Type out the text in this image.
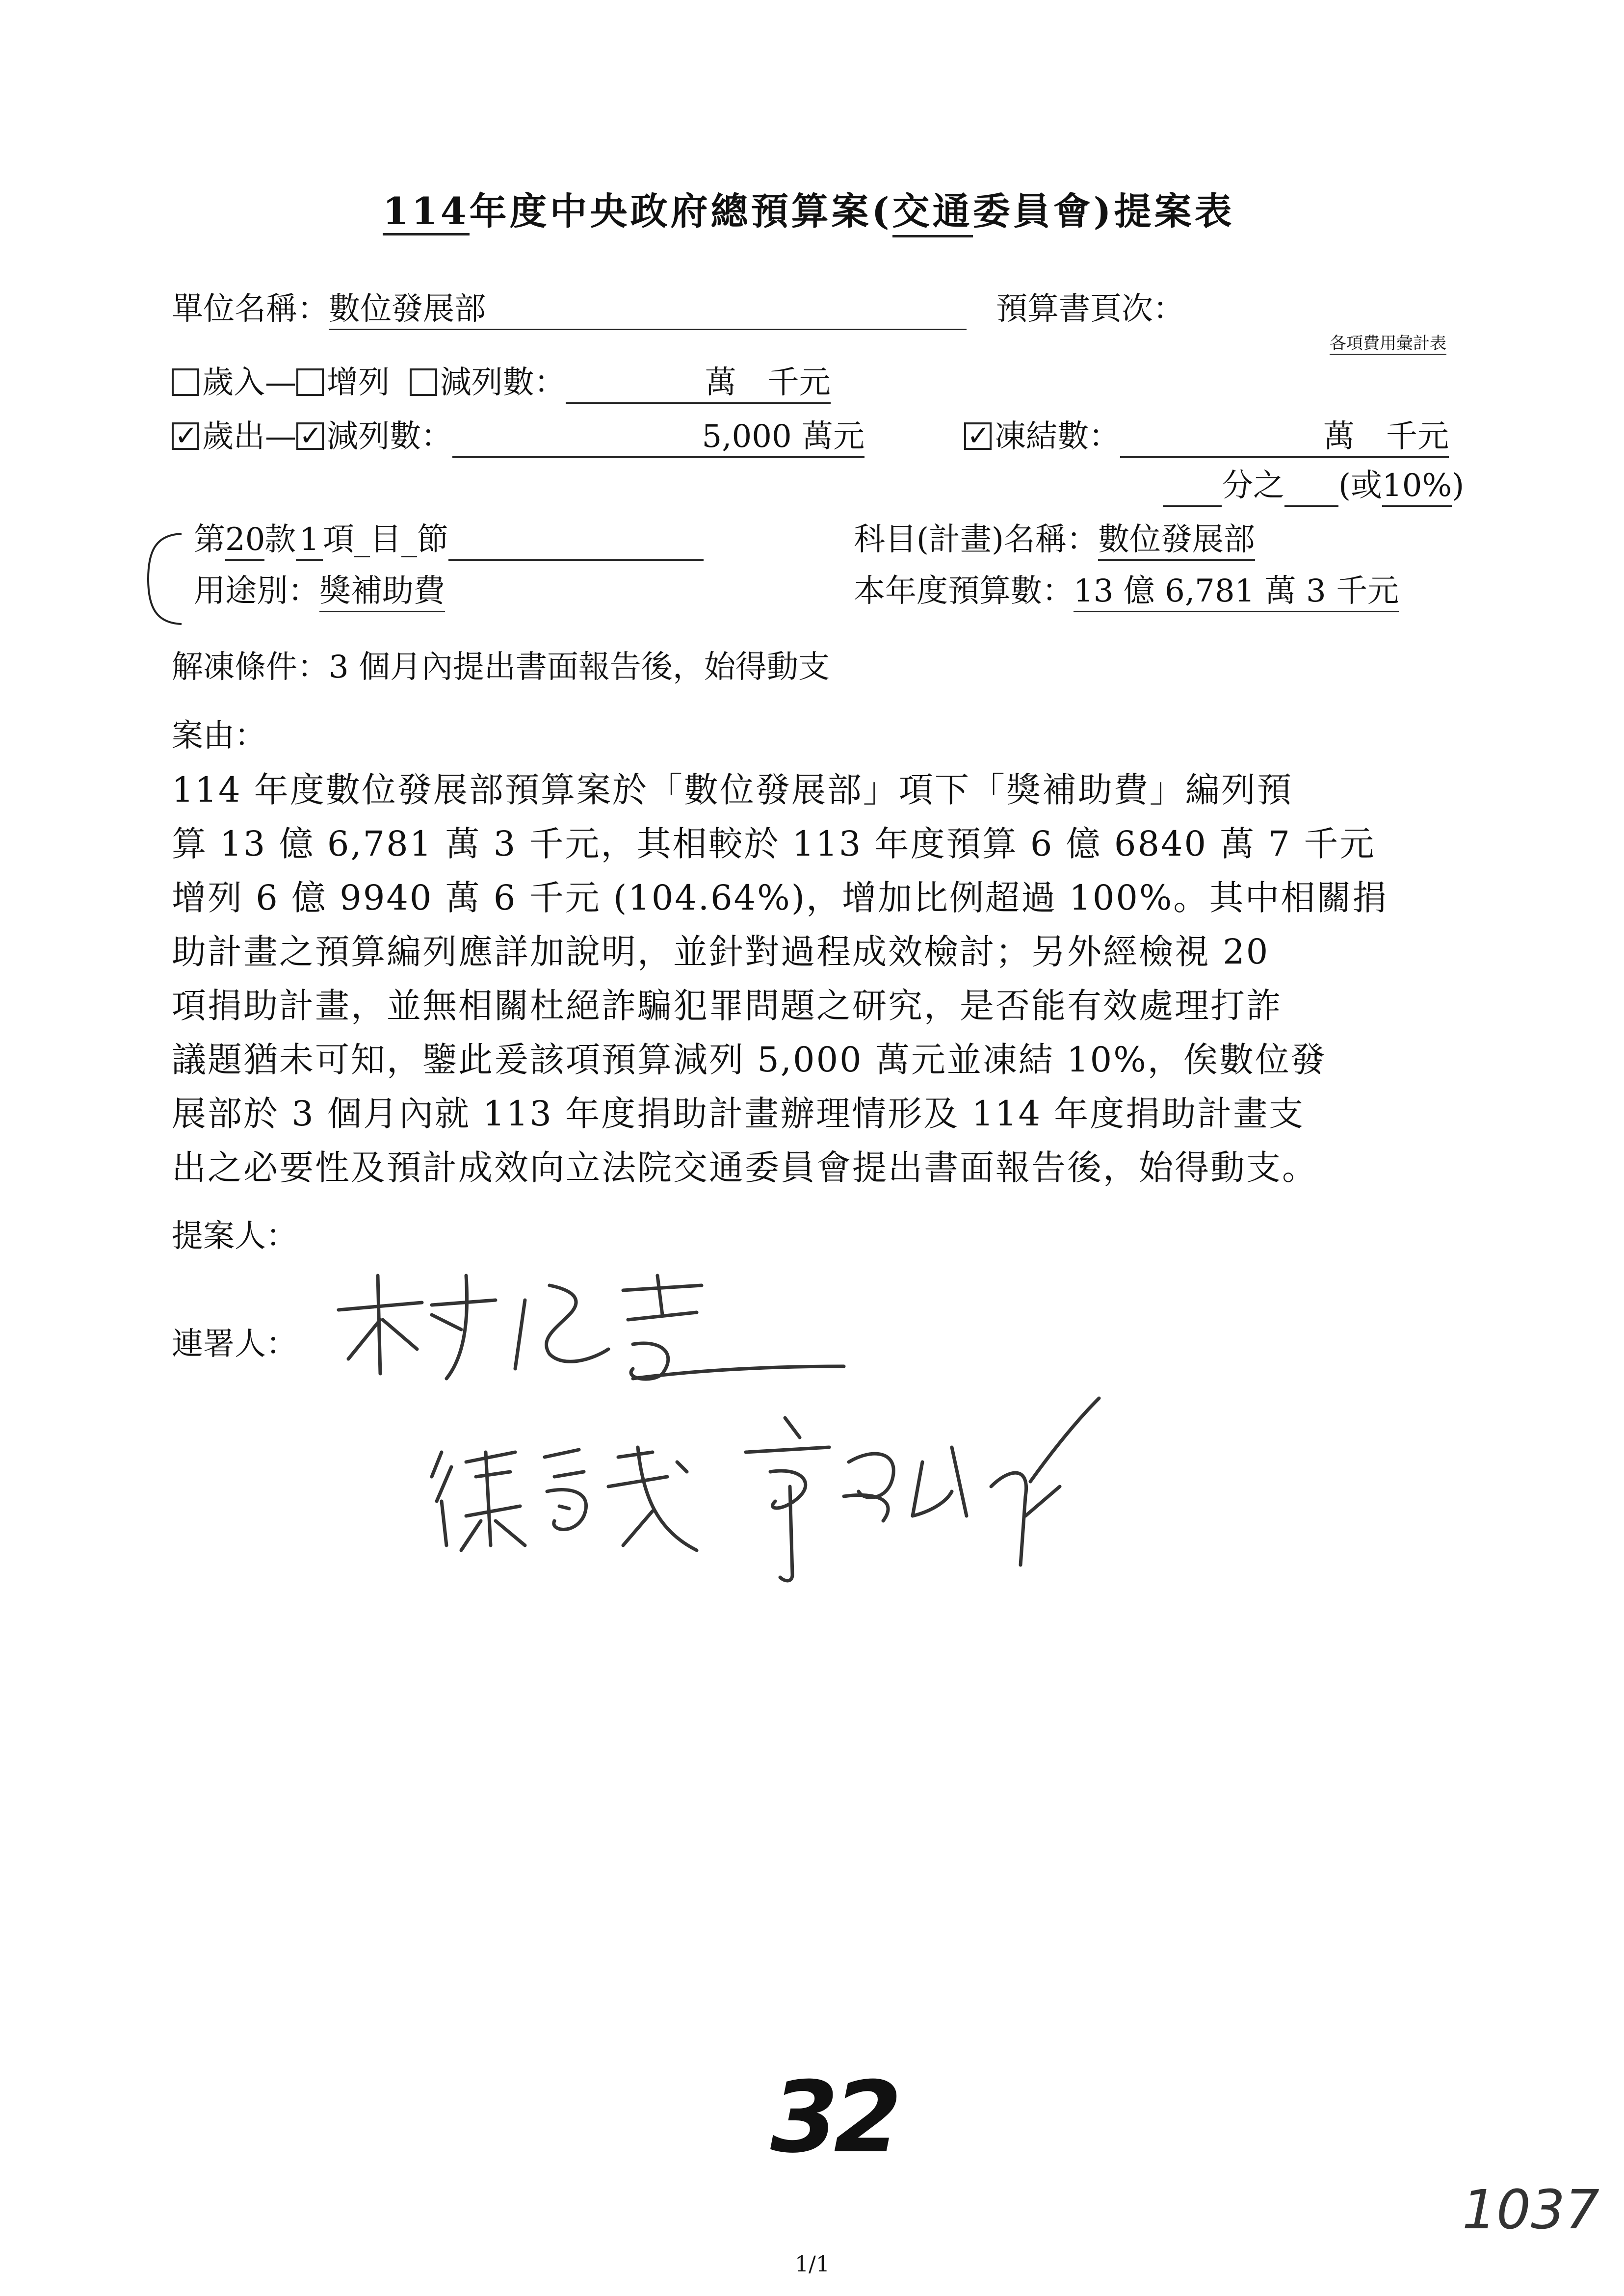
114年度中央政府總預算案(交通委員會)提案表
單位名稱：數位發展部	預算書頁次：
各項費用彙計表
歲入— 增列 減列數：	萬　千元
✓歲出— ✓ 減列數：	5,000 萬元 ✓	凍結數：	萬　千元
分之 (或10%)
第20款 1 項_目_節	科目(計畫)名稱：數位發展部
用途別：獎補助費	本年度預算數：13 億 6,781 萬 3 千元
解凍條件：3 個月內提出書面報告後，始得動支
案由：
114 年度數位發展部預算案於「數位發展部」項下「獎補助費」編列預
算 13 億 6,781 萬 3 千元，其相較於 113 年度預算 6 億 6840 萬 7 千元
增列 6 億 9940 萬 6 千元 (104.64%)，增加比例超過 100%。其中相關捐
助計畫之預算編列應詳加說明，並針對過程成效檢討；另外經檢視 20
項捐助計畫，並無相關杜絕詐騙犯罪問題之研究，是否能有效處理打詐
議題猶未可知，鑒此爰該項預算減列 5,000 萬元並凍結 10%，俟數位發
展部於 3 個月內就 113 年度捐助計畫辦理情形及 114 年度捐助計畫支
出之必要性及預計成效向立法院交通委員會提出書面報告後，始得動支。
提案人：
連署人：
32
1037
1/1
